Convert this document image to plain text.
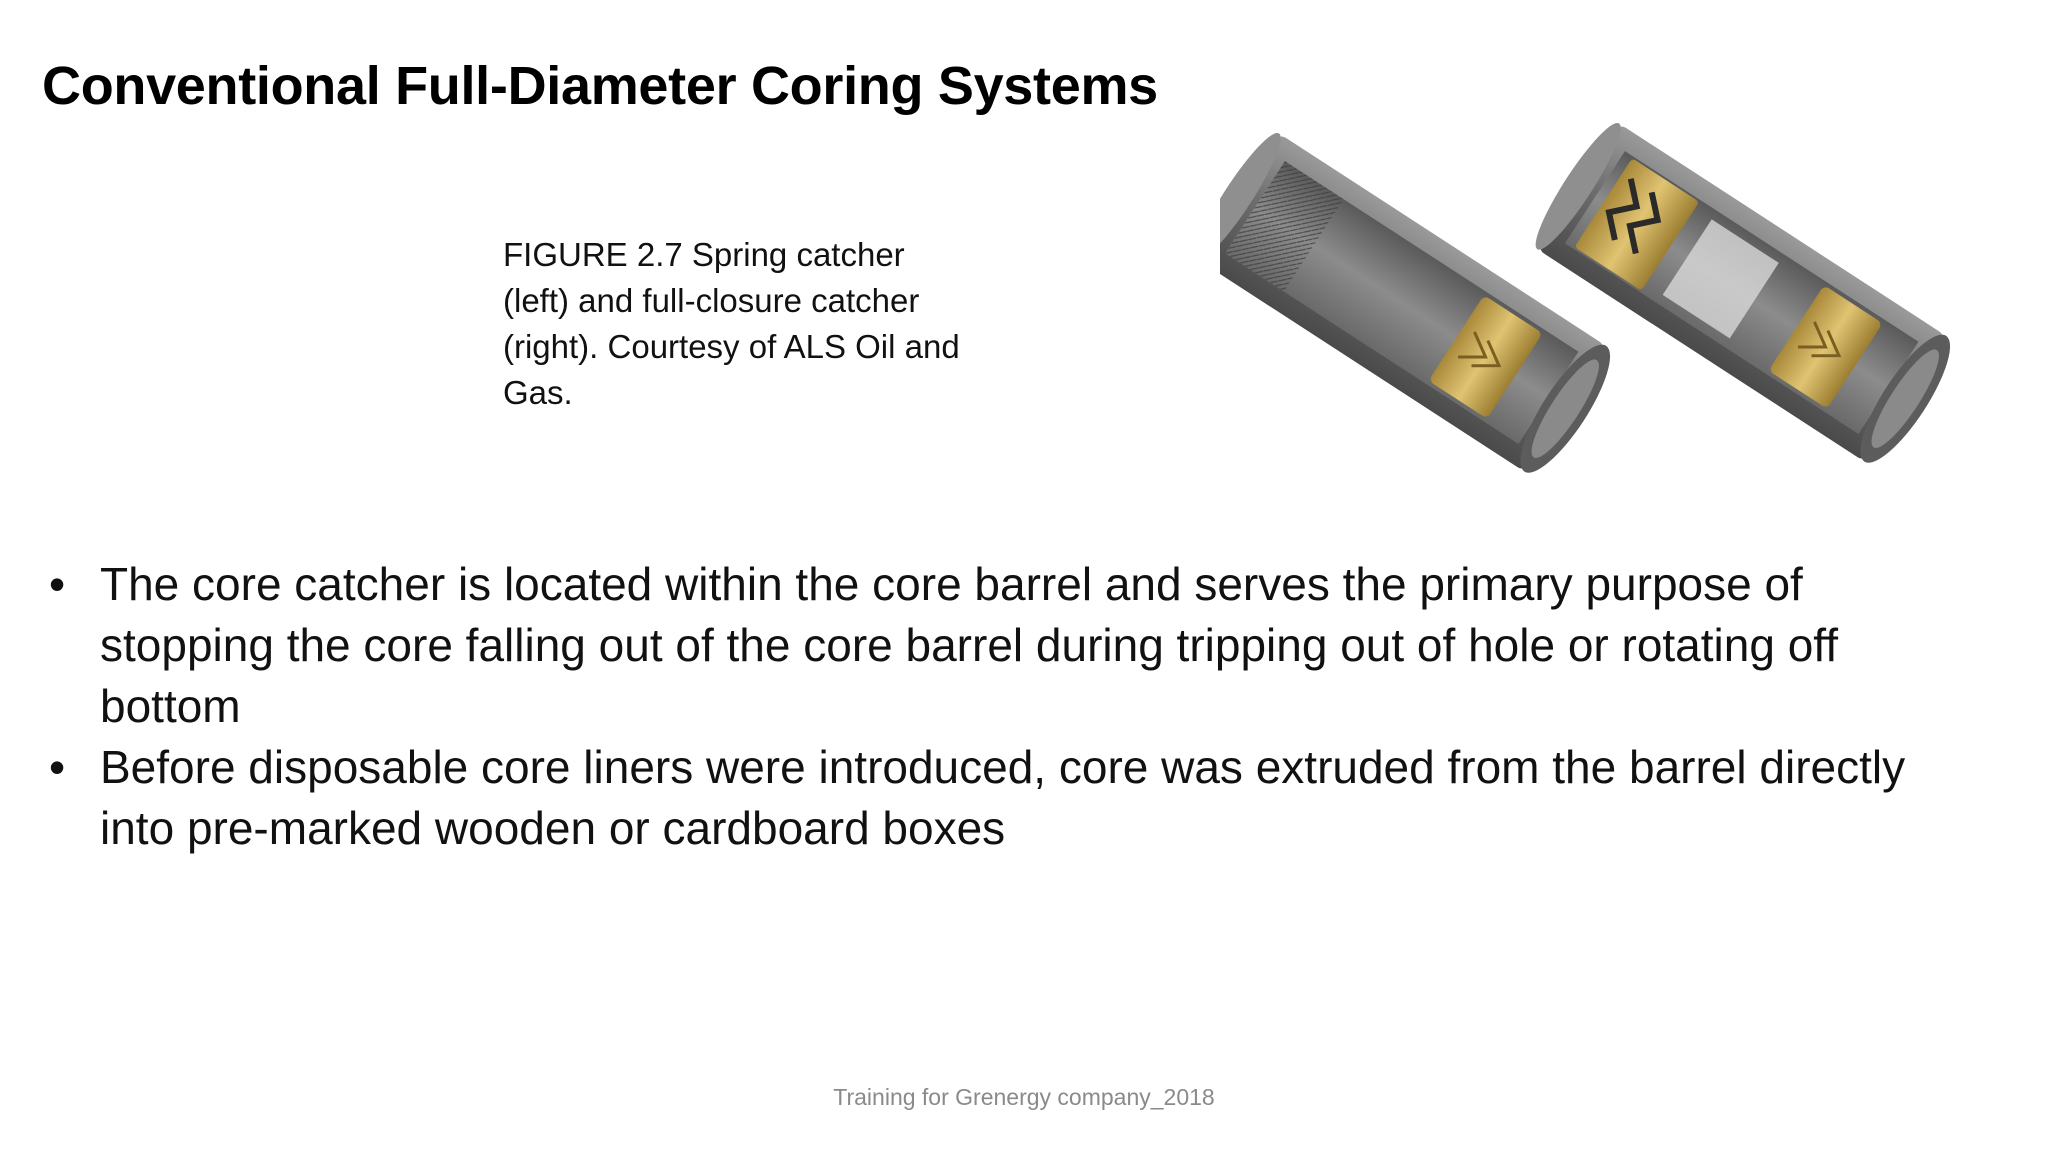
Conventional Full-Diameter Coring Systems
FIGURE 2.7 Spring catcher (left) and full-closure catcher (right). Courtesy of ALS Oil and Gas.
• The core catcher is located within the core barrel and serves the primary purpose of stopping the core falling out of the core barrel during tripping out of hole or rotating off bottom
• Before disposable core liners were introduced, core was extruded from the barrel directly into pre-marked wooden or cardboard boxes
Training for Grenergy company_2018
